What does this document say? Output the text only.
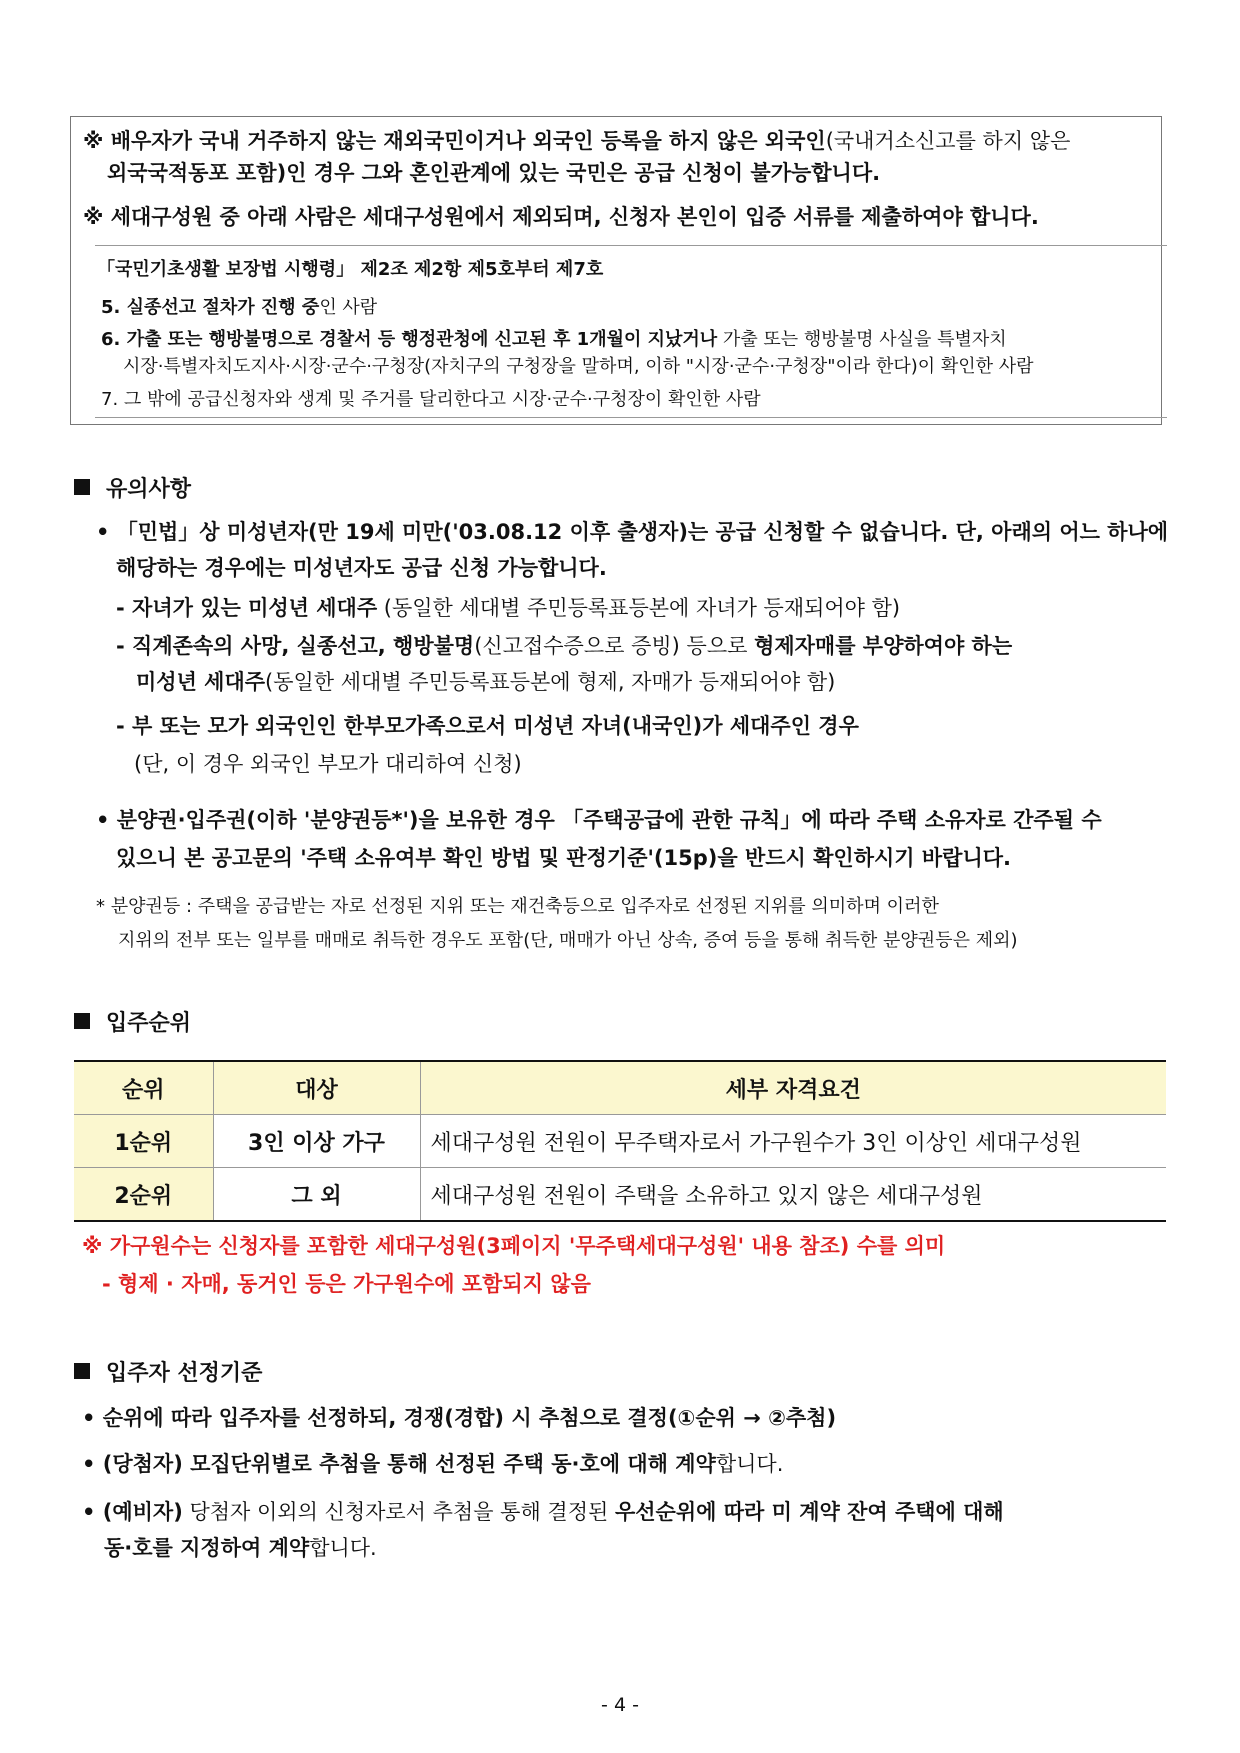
※ 배우자가 국내 거주하지 않는 재외국민이거나 외국인 등록을 하지 않은 외국인(국내거소신고를 하지 않은
외국국적동포 포함)인 경우 그와 혼인관계에 있는 국민은 공급 신청이 불가능합니다.
※ 세대구성원 중 아래 사람은 세대구성원에서 제외되며, 신청자 본인이 입증 서류를 제출하여야 합니다.
「국민기초생활 보장법 시행령」 제2조 제2항 제5호부터 제7호
5. 실종선고 절차가 진행 중인 사람
6. 가출 또는 행방불명으로 경찰서 등 행정관청에 신고된 후 1개월이 지났거나 가출 또는 행방불명 사실을 특별자치
시장·특별자치도지사·시장·군수·구청장(자치구의 구청장을 말하며, 이하 "시장·군수·구청장"이라 한다)이 확인한 사람
7. 그 밖에 공급신청자와 생계 및 주거를 달리한다고 시장·군수·구청장이 확인한 사람
유의사항
• 「민법」상 미성년자(만 19세 미만('03.08.12 이후 출생자)는 공급 신청할 수 없습니다. 단, 아래의 어느 하나에
해당하는 경우에는 미성년자도 공급 신청 가능합니다.
- 자녀가 있는 미성년 세대주 (동일한 세대별 주민등록표등본에 자녀가 등재되어야 함)
- 직계존속의 사망, 실종선고, 행방불명(신고접수증으로 증빙) 등으로 형제자매를 부양하여야 하는
미성년 세대주(동일한 세대별 주민등록표등본에 형제, 자매가 등재되어야 함)
- 부 또는 모가 외국인인 한부모가족으로서 미성년 자녀(내국인)가 세대주인 경우
(단, 이 경우 외국인 부모가 대리하여 신청)
• 분양권·입주권(이하 '분양권등*')을 보유한 경우 「주택공급에 관한 규칙」에 따라 주택 소유자로 간주될 수
있으니 본 공고문의 '주택 소유여부 확인 방법 및 판정기준'(15p)을 반드시 확인하시기 바랍니다.
* 분양권등 : 주택을 공급받는 자로 선정된 지위 또는 재건축등으로 입주자로 선정된 지위를 의미하며 이러한
지위의 전부 또는 일부를 매매로 취득한 경우도 포함(단, 매매가 아닌 상속, 증여 등을 통해 취득한 분양권등은 제외)
입주순위
순위	대상	세부 자격요건
1순위	3인 이상 가구	세대구성원 전원이 무주택자로서 가구원수가 3인 이상인 세대구성원
2순위	그 외	세대구성원 전원이 주택을 소유하고 있지 않은 세대구성원
※ 가구원수는 신청자를 포함한 세대구성원(3페이지 '무주택세대구성원' 내용 참조) 수를 의미
- 형제 · 자매, 동거인 등은 가구원수에 포함되지 않음
입주자 선정기준
• 순위에 따라 입주자를 선정하되, 경쟁(경합) 시 추첨으로 결정(①순위 → ②추첨)
• (당첨자) 모집단위별로 추첨을 통해 선정된 주택 동·호에 대해 계약합니다.
• (예비자) 당첨자 이외의 신청자로서 추첨을 통해 결정된 우선순위에 따라 미 계약 잔여 주택에 대해
동·호를 지정하여 계약합니다.
- 4 -
